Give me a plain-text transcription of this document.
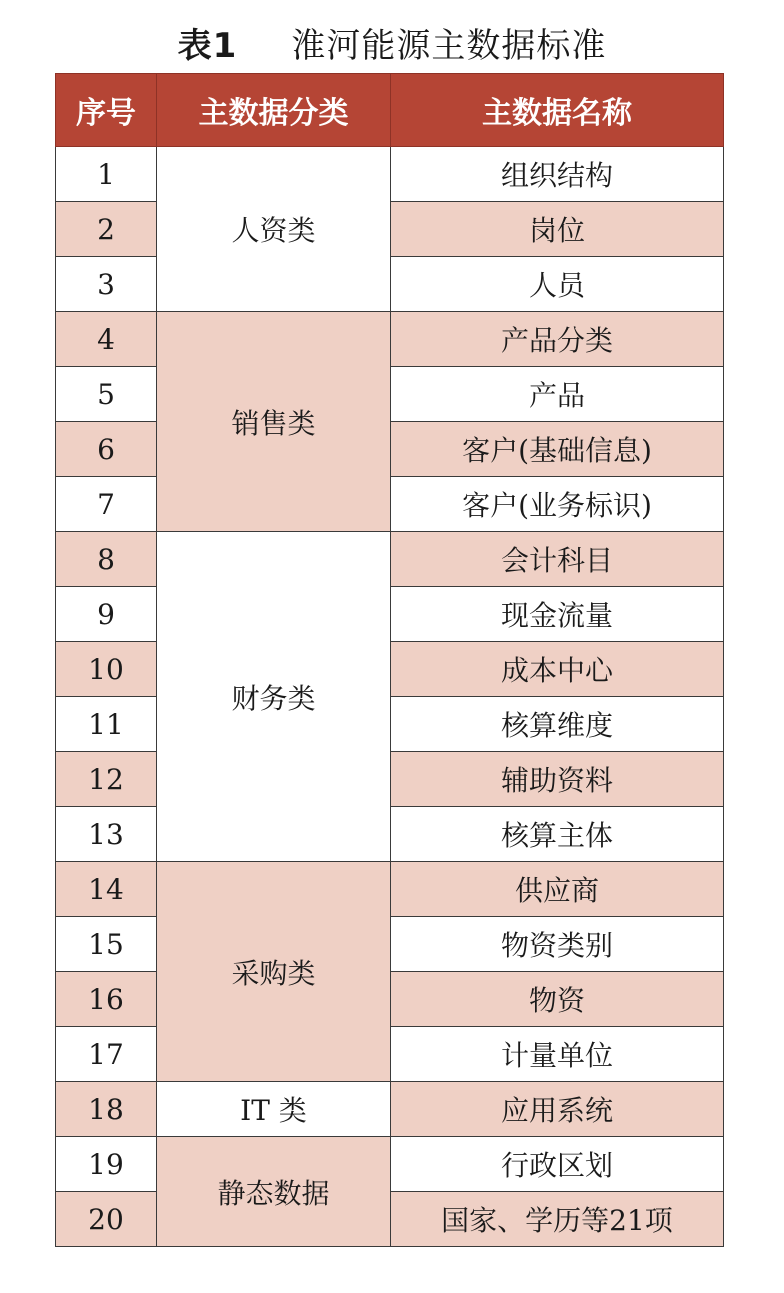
表1 淮河能源主数据标准
序号	主数据分类	主数据名称
1	人资类	组织结构
2		岗位
3		人员
4	销售类	产品分类
5		产品
6		客户(基础信息)
7		客户(业务标识)
8	财务类	会计科目
9		现金流量
10		成本中心
11		核算维度
12		辅助资料
13		核算主体
14	采购类	供应商
15		物资类别
16		物资
17		计量单位
18	IT 类	应用系统
19	静态数据	行政区划
20		国家、学历等21项
